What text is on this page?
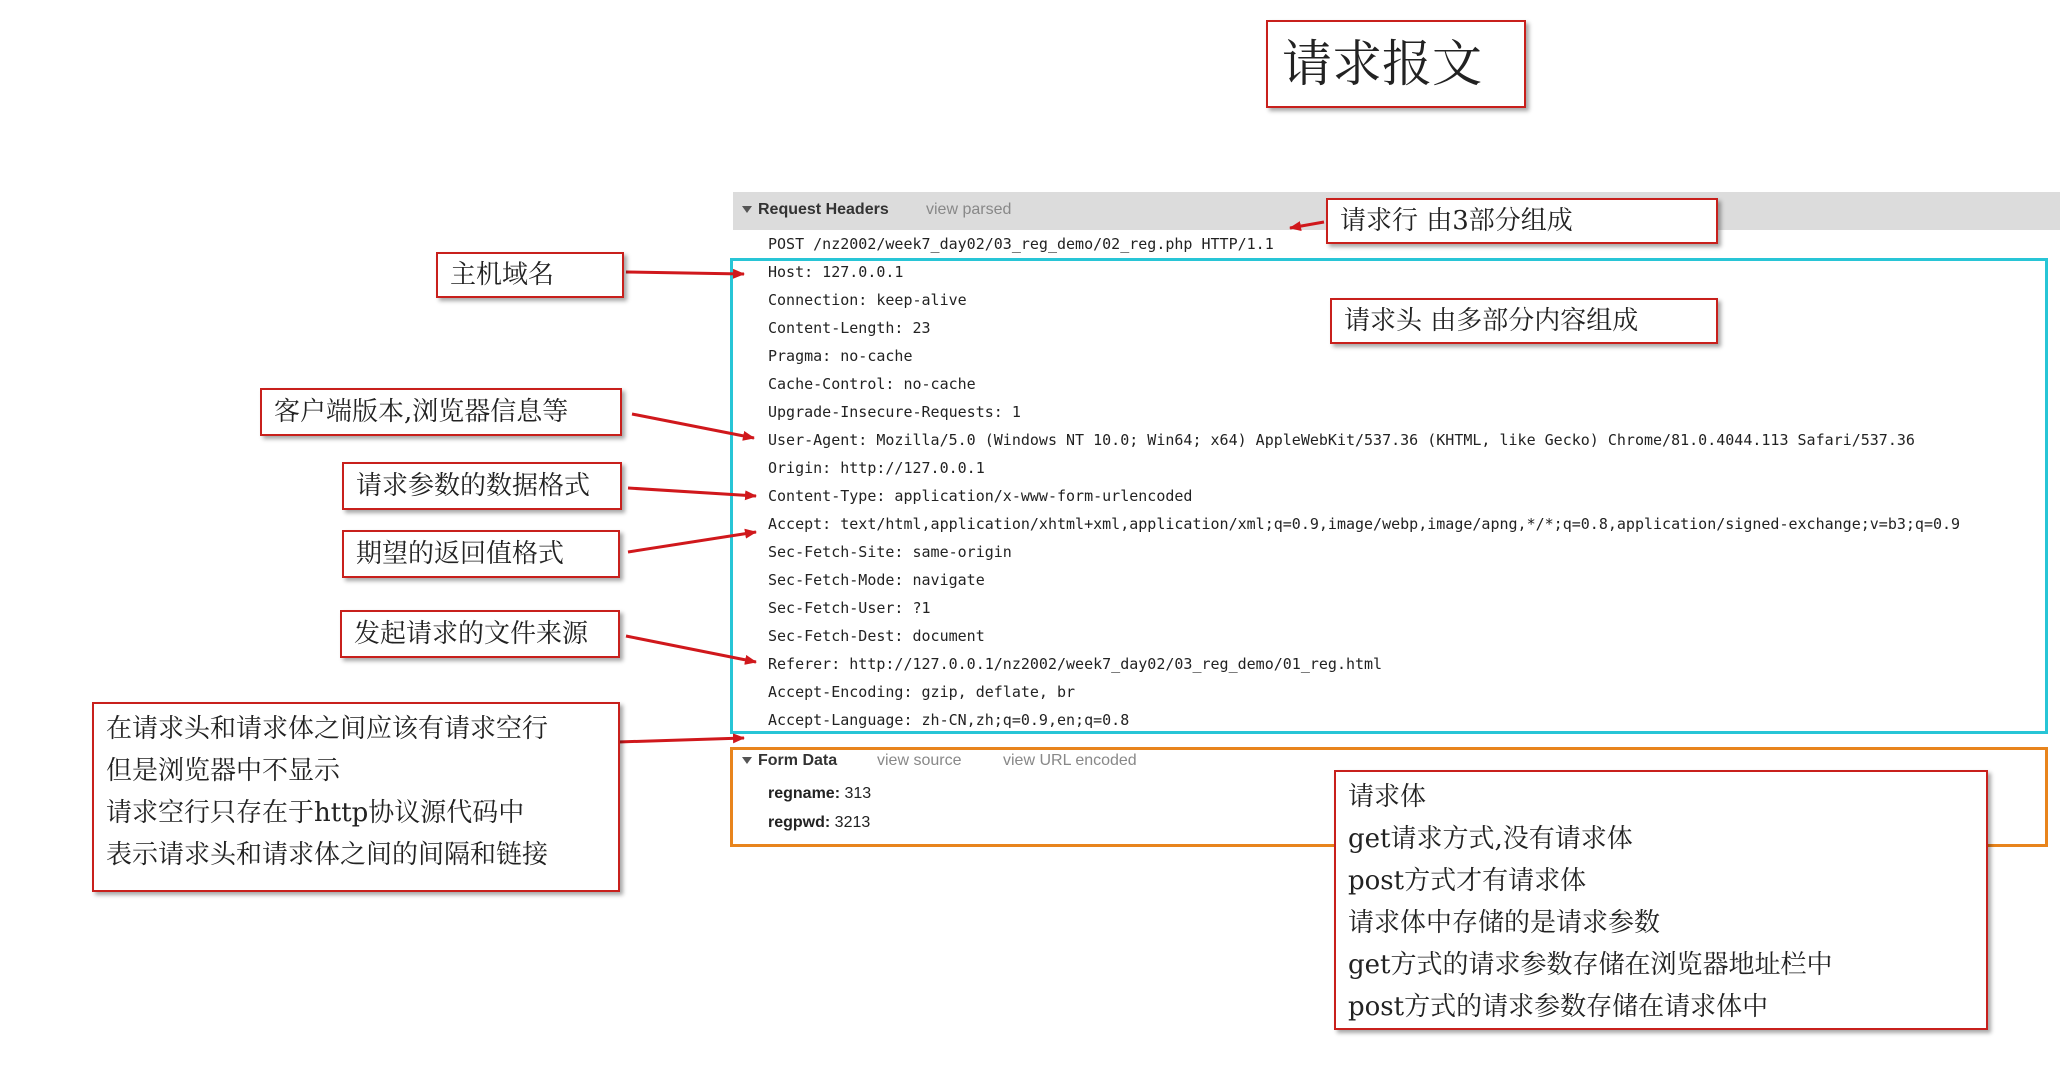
请求报文
Request Headers view parsed
POST /nz2002/week7_day02/03_reg_demo/02_reg.php HTTP/1.1
Host: 127.0.0.1
Connection: keep-alive
Content-Length: 23
Pragma: no-cache
Cache-Control: no-cache
Upgrade-Insecure-Requests: 1
User-Agent: Mozilla/5.0 (Windows NT 10.0; Win64; x64) AppleWebKit/537.36 (KHTML, like Gecko) Chrome/81.0.4044.113 Safari/537.36
Origin: http://127.0.0.1
Content-Type: application/x-www-form-urlencoded
Accept: text/html,application/xhtml+xml,application/xml;q=0.9,image/webp,image/apng,*/*;q=0.8,application/signed-exchange;v=b3;q=0.9
Sec-Fetch-Site: same-origin
Sec-Fetch-Mode: navigate
Sec-Fetch-User: ?1
Sec-Fetch-Dest: document
Referer: http://127.0.0.1/nz2002/week7_day02/03_reg_demo/01_reg.html
Accept-Encoding: gzip, deflate, br
Accept-Language: zh-CN,zh;q=0.9,en;q=0.8
Form Data view source	view URL encoded
regname: 313
regpwd: 3213
请求行 由3部分组成
请求头 由多部分内容组成
主机域名
客户端版本,浏览器信息等
请求参数的数据格式
期望的返回值格式
发起请求的文件来源
在请求头和请求体之间应该有请求空行
但是浏览器中不显示
请求空行只存在于http协议源代码中
表示请求头和请求体之间的间隔和链接
请求体
get请求方式,没有请求体
post方式才有请求体
请求体中存储的是请求参数
get方式的请求参数存储在浏览器地址栏中
post方式的请求参数存储在请求体中
